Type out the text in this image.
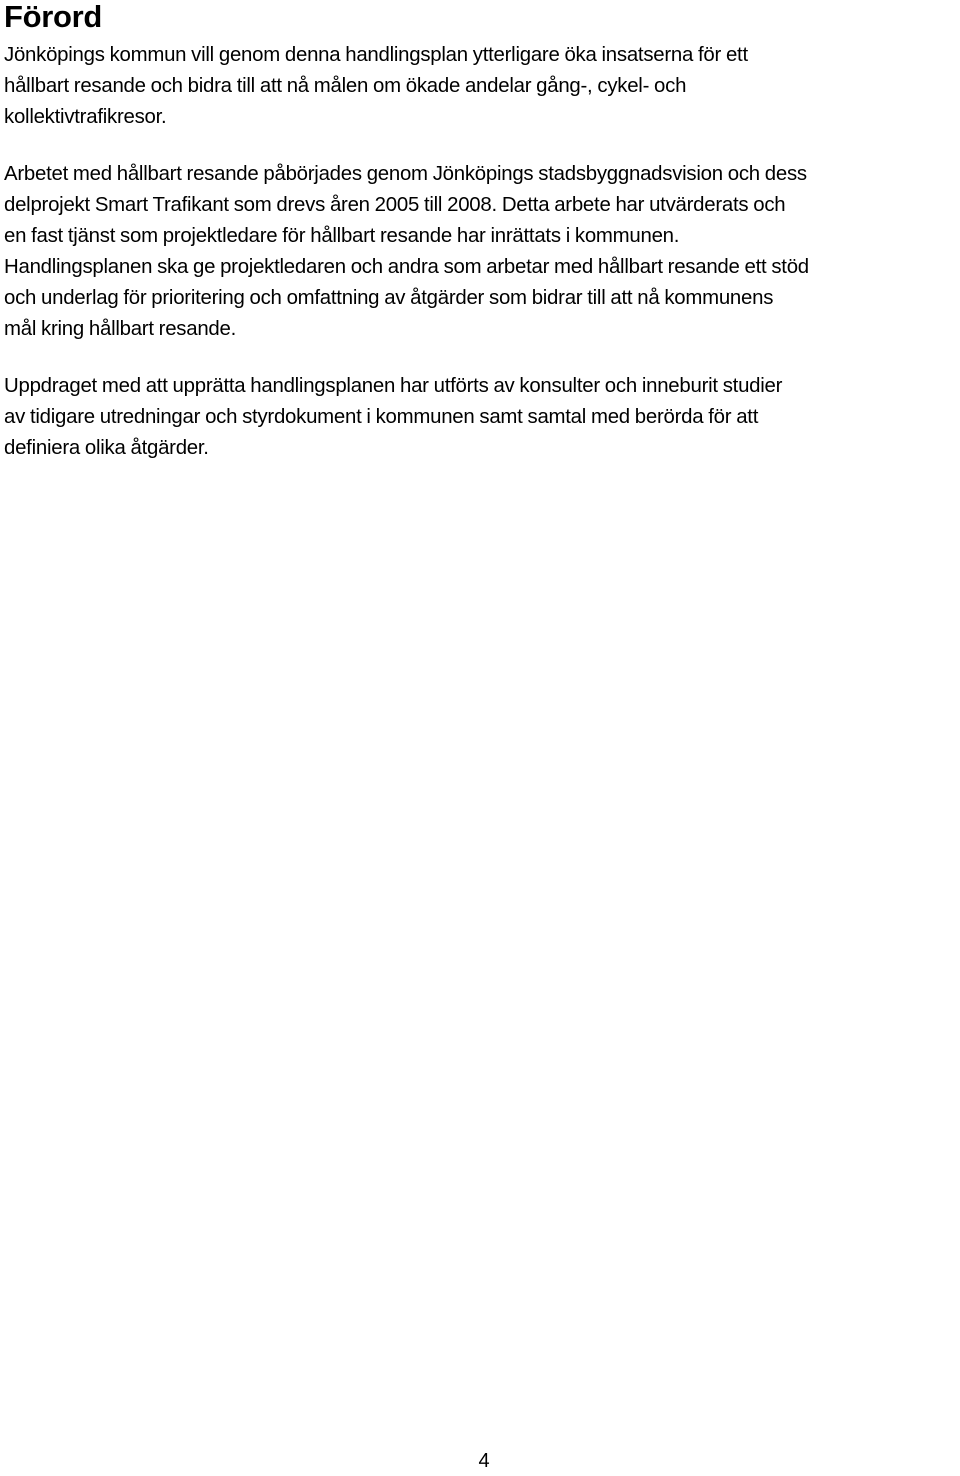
Förord
Jönköpings kommun vill genom denna handlingsplan ytterligare öka insatserna för ett
hållbart resande och bidra till att nå målen om ökade andelar gång-, cykel- och
kollektivtrafikresor.
Arbetet med hållbart resande påbörjades genom Jönköpings stadsbyggnadsvision och dess
delprojekt Smart Trafikant som drevs åren 2005 till 2008. Detta arbete har utvärderats och
en fast tjänst som projektledare för hållbart resande har inrättats i kommunen.
Handlingsplanen ska ge projektledaren och andra som arbetar med hållbart resande ett stöd
och underlag för prioritering och omfattning av åtgärder som bidrar till att nå kommunens
mål kring hållbart resande.
Uppdraget med att upprätta handlingsplanen har utförts av konsulter och inneburit studier
av tidigare utredningar och styrdokument i kommunen samt samtal med berörda för att
definiera olika åtgärder.
4
